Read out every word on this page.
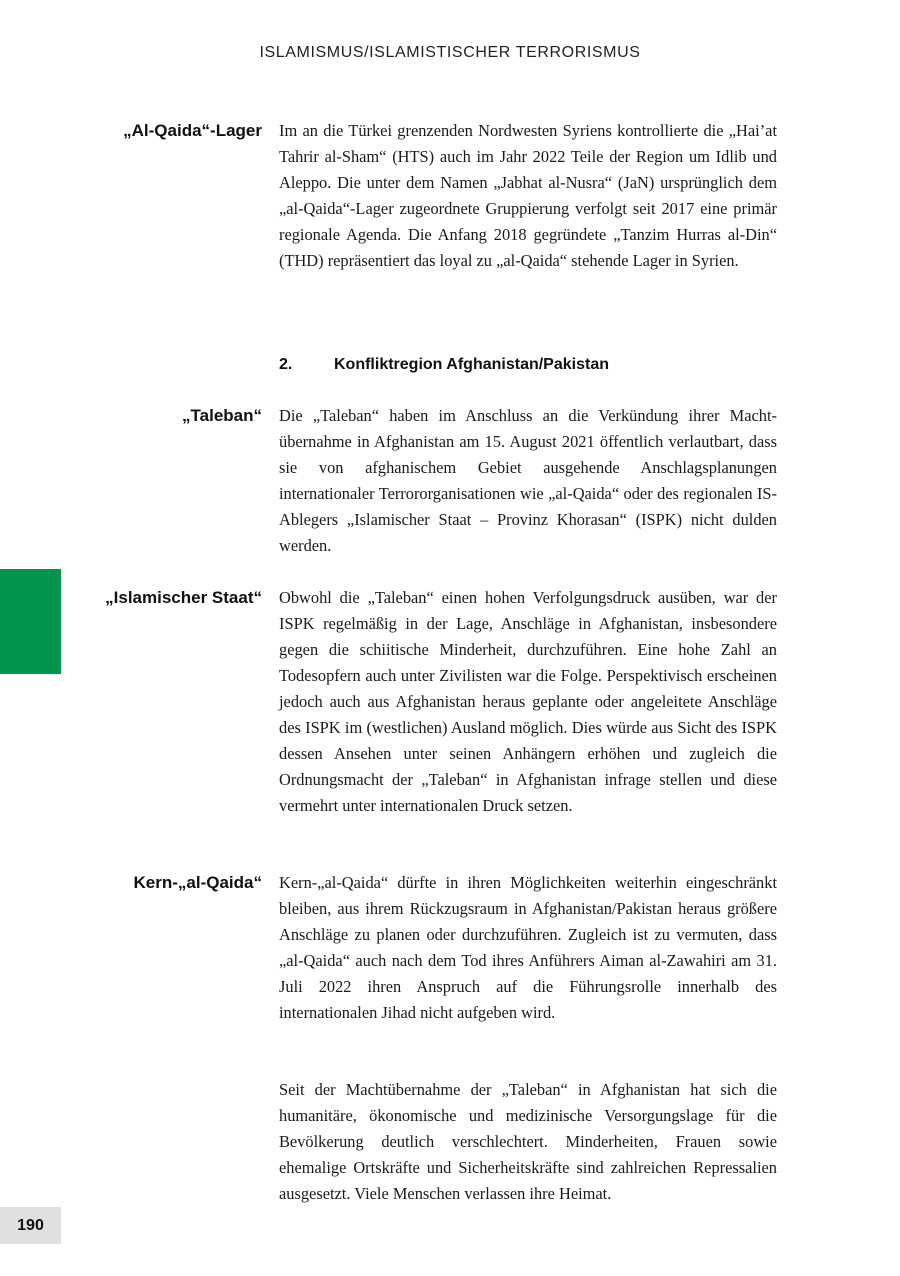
ISLAMISMUS/ISLAMISTISCHER TERRORISMUS
„Al-Qaida“-Lager Im an die Türkei grenzenden Nordwesten Syriens kontrollierte die „Hai’at Tahrir al-Sham“ (HTS) auch im Jahr 2022 Teile der Region um Idlib und Aleppo. Die unter dem Namen „Jabhat al-Nusra“ (JaN) ursprünglich dem „al-Qaida“-Lager zugeordnete Gruppierung verfolgt seit 2017 eine primär regionale Agenda. Die Anfang 2018 gegründete „Tanzim Hurras al-Din“ (THD) repräsentiert das loyal zu „al-Qaida“ stehende Lager in Syrien.
2.	Konfliktregion Afghanistan/Pakistan
„Taleban“ Die „Taleban“ haben im Anschluss an die Verkündung ihrer Machtübernahme in Afghanistan am 15. August 2021 öffentlich verlautbart, dass sie von afghanischem Gebiet ausgehende Anschlagsplanungen internationaler Terrororganisationen wie „al-Qaida“ oder des regionalen IS-Ablegers „Islamischer Staat – Provinz Khorasan“ (ISPK) nicht dulden werden.
„Islamischer Staat“ Obwohl die „Taleban“ einen hohen Verfolgungsdruck ausüben, war der ISPK regelmäßig in der Lage, Anschläge in Afghanistan, insbesondere gegen die schiitische Minderheit, durchzuführen. Eine hohe Zahl an Todesopfern auch unter Zivilisten war die Folge. Perspektivisch erscheinen jedoch auch aus Afghanistan heraus geplante oder angeleitete Anschläge des ISPK im (westlichen) Ausland möglich. Dies würde aus Sicht des ISPK dessen Ansehen unter seinen Anhängern erhöhen und zugleich die Ordnungsmacht der „Taleban“ in Afghanistan infrage stellen und diese vermehrt unter internationalen Druck setzen.
Kern-„al-Qaida“ Kern-„al-Qaida“ dürfte in ihren Möglichkeiten weiterhin eingeschränkt bleiben, aus ihrem Rückzugsraum in Afghanistan/Pakistan heraus größere Anschläge zu planen oder durchzuführen. Zugleich ist zu vermuten, dass „al-Qaida“ auch nach dem Tod ihres Anführers Aiman al-Zawahiri am 31. Juli 2022 ihren Anspruch auf die Führungsrolle innerhalb des internationalen Jihad nicht aufgeben wird.
Seit der Machtübernahme der „Taleban“ in Afghanistan hat sich die humanitäre, ökonomische und medizinische Versorgungslage für die Bevölkerung deutlich verschlechtert. Minderheiten, Frauen sowie ehemalige Ortskräfte und Sicherheitskräfte sind zahlreichen Repressalien ausgesetzt. Viele Menschen verlassen ihre Heimat.
190
